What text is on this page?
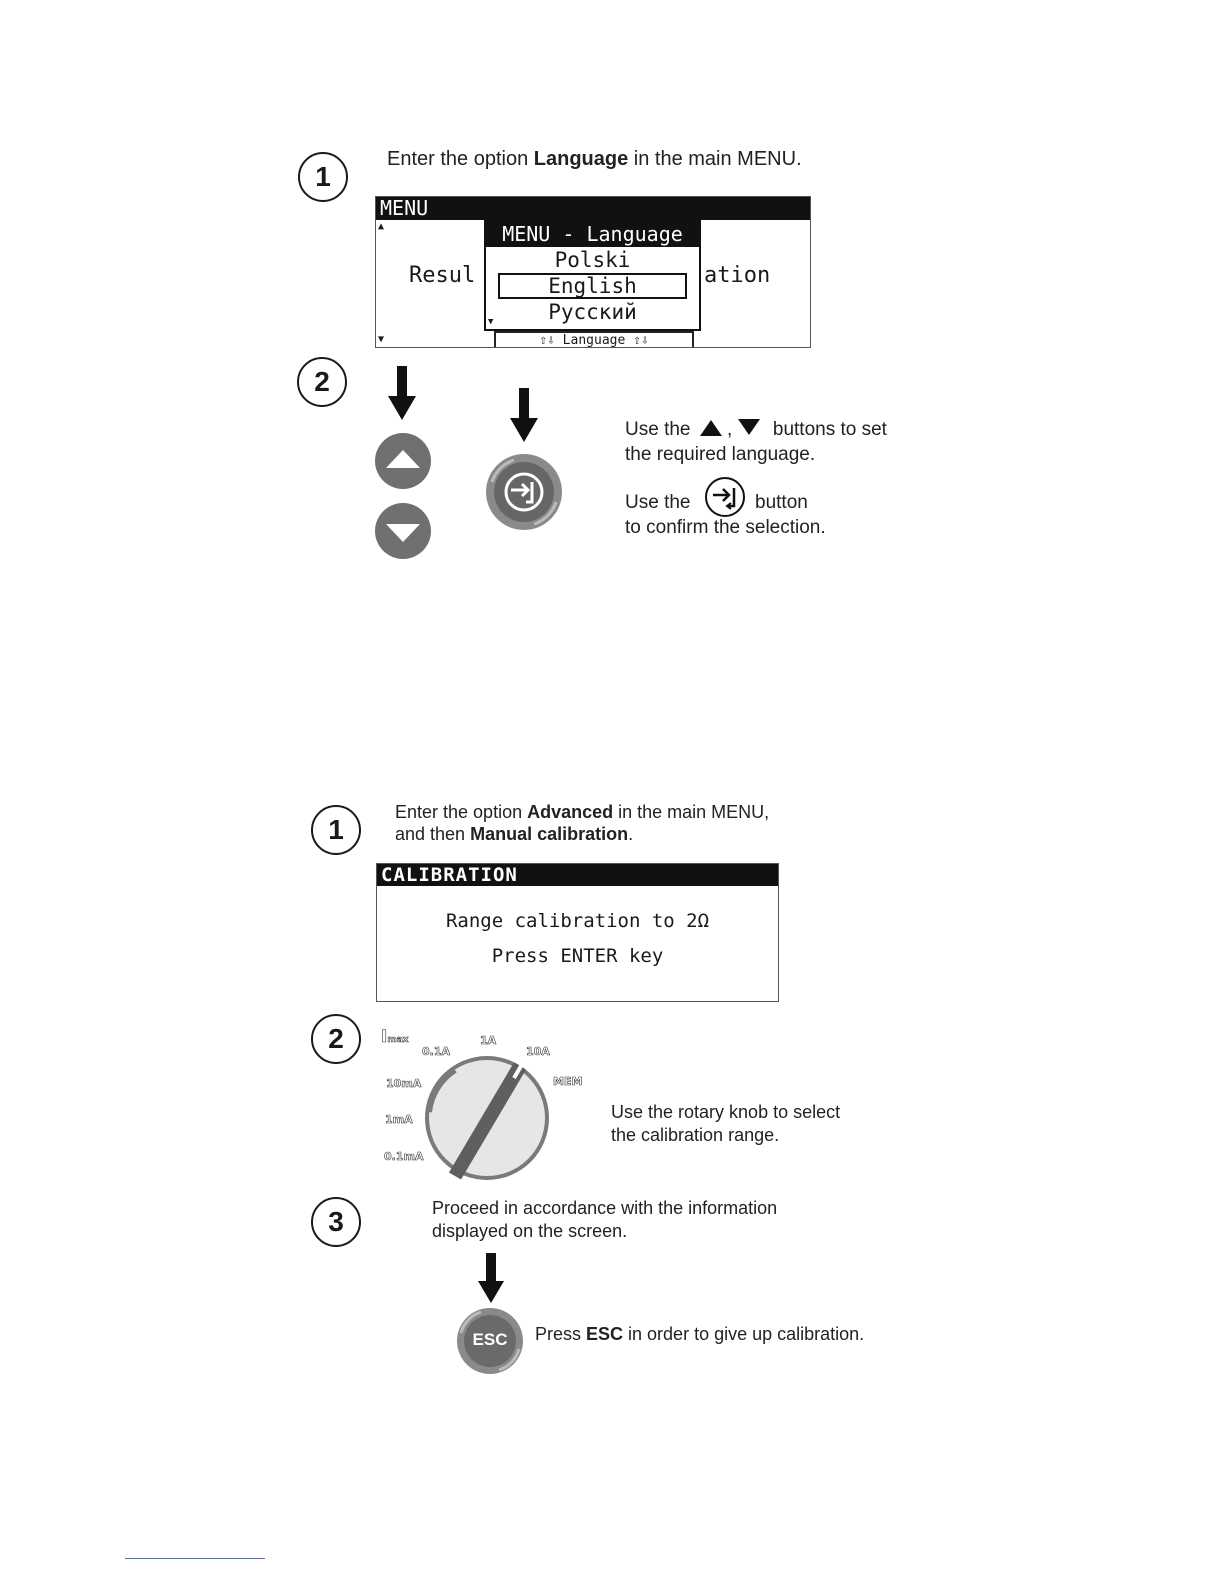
1
Enter the option Language in the main MENU.
MENU
▲
▼
Resul	ation
⇧⇩ Language ⇧⇩
MENU - Language
Polski
English
Русский
▼
2
Use the , buttons to set
the required language.
Use the	button
to confirm the selection.
1
Enter the option Advanced in the main MENU,
and then Manual calibration.
CALIBRATION
Range calibration to 2Ω
Press ENTER key
2	Imax
0.1A
1A
10A
MEM
10mA
1mA
0.1mA
Use the rotary knob to select
the calibration range.
3	Proceed in accordance with the information
displayed on the screen.
ESC	Press ESC in order to give up calibration.
